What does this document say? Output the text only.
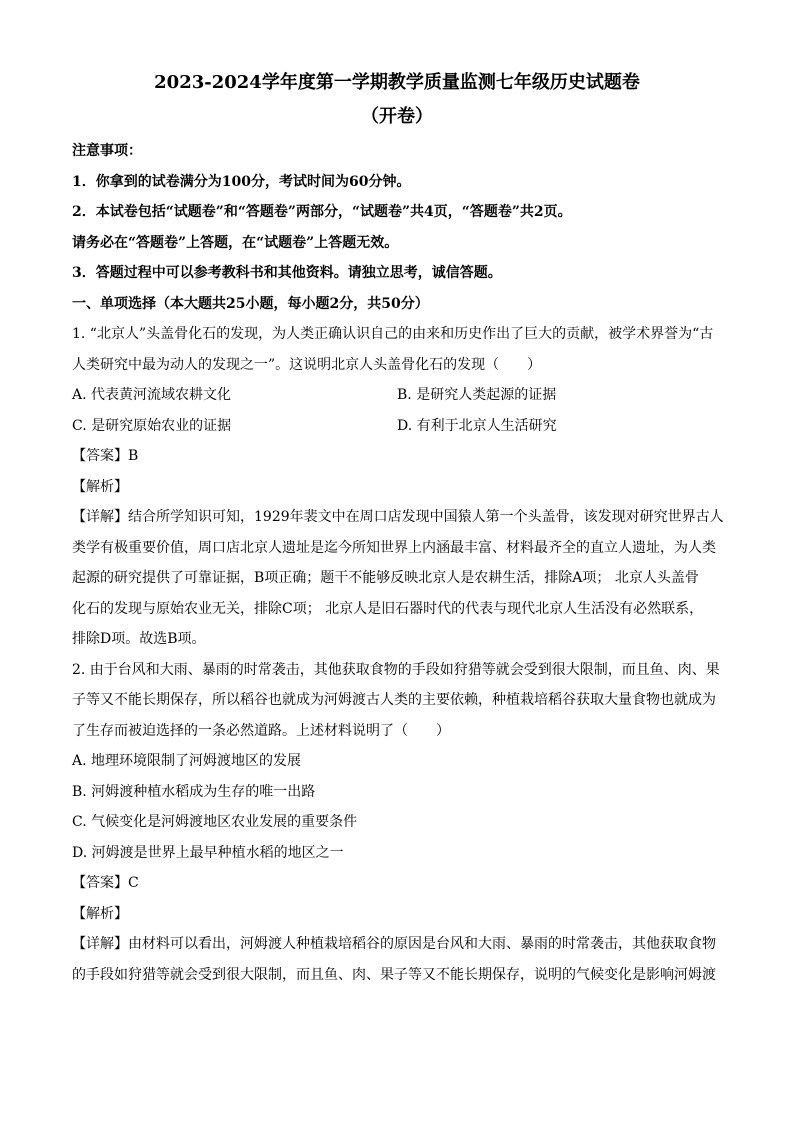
2023-2024学年度第一学期教学质量监测七年级历史试题卷
（开卷）
注意事项：
1．你拿到的试卷满分为100分，考试时间为60分钟。
2．本试卷包括“试题卷”和“答题卷”两部分，“试题卷”共4页，“答题卷”共2页。
请务必在“答题卷”上答题，在“试题卷”上答题无效。
3．答题过程中可以参考教科书和其他资料。请独立思考，诚信答题。
一、单项选择（本大题共25小题，每小题2分，共50分）
1. “北京人”头盖骨化石的发现，为人类正确认识自己的由来和历史作出了巨大的贡献，被学术界誉为“古
人类研究中最为动人的发现之一”。这说明北京人头盖骨化石的发现（　　）
A. 代表黄河流域农耕文化	B. 是研究人类起源的证据
C. 是研究原始农业的证据	D. 有利于北京人生活研究
【答案】B
【解析】
【详解】结合所学知识可知，1929年裴文中在周口店发现中国猿人第一个头盖骨，该发现对研究世界古人
类学有极重要价值，周口店北京人遗址是迄今所知世界上内涵最丰富、材料最齐全的直立人遗址，为人类
起源的研究提供了可靠证据，B项正确；题干不能够反映北京人是农耕生活，排除A项； 北京人头盖骨
化石的发现与原始农业无关，排除C项； 北京人是旧石器时代的代表与现代北京人生活没有必然联系，
排除D项。故选B项。
2. 由于台风和大雨、暴雨的时常袭击，其他获取食物的手段如狩猎等就会受到很大限制，而且鱼、肉、果
子等又不能长期保存，所以稻谷也就成为河姆渡古人类的主要依赖，种植栽培稻谷获取大量食物也就成为
了生存而被迫选择的一条必然道路。上述材料说明了（　　）
A. 地理环境限制了河姆渡地区的发展
B. 河姆渡种植水稻成为生存的唯一出路
C. 气候变化是河姆渡地区农业发展的重要条件
D. 河姆渡是世界上最早种植水稻的地区之一
【答案】C
【解析】
【详解】由材料可以看出，河姆渡人种植栽培稻谷的原因是台风和大雨、暴雨的时常袭击，其他获取食物
的手段如狩猎等就会受到很大限制，而且鱼、肉、果子等又不能长期保存，说明的气候变化是影响河姆渡
